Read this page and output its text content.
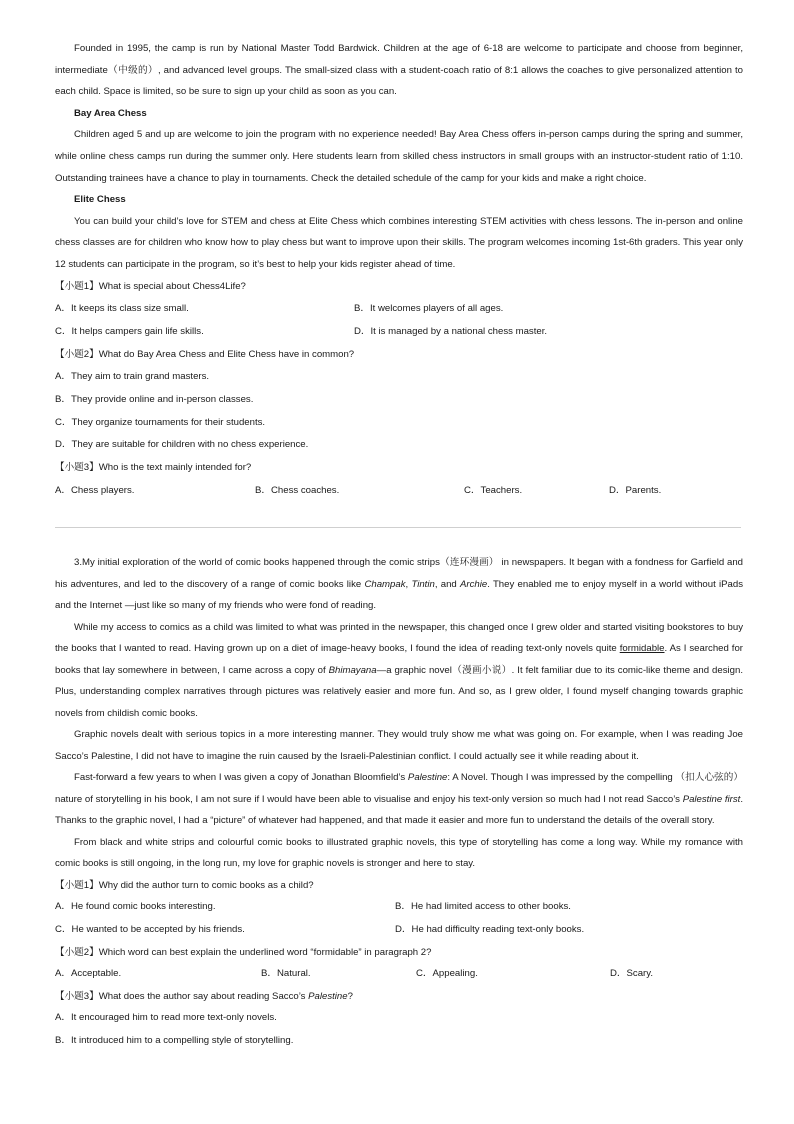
Founded in 1995, the camp is run by National Master Todd Bardwick. Children at the age of 6-18 are welcome to participate and choose from beginner, intermediate（中级的）, and advanced level groups. The small-sized class with a student-coach ratio of 8:1 allows the coaches to give personalized attention to each child. Space is limited, so be sure to sign up your child as soon as you can.

Bay Area Chess

Children aged 5 and up are welcome to join the program with no experience needed! Bay Area Chess offers in-person camps during the spring and summer, while online chess camps run during the summer only. Here students learn from skilled chess instructors in small groups with an instructor-student ratio of 1:10. Outstanding trainees have a chance to play in tournaments. Check the detailed schedule of the camp for your kids and make a right choice.

Elite Chess

You can build your child’s love for STEM and chess at Elite Chess which combines interesting STEM activities with chess lessons. The in-person and online chess classes are for children who know how to play chess but want to improve upon their skills. The program welcomes incoming 1st-6th graders. This year only 12 students can participate in the program, so it’s best to help your kids register ahead of time.

【小题1】What is special about Chess4Life?

A．It keeps its class size small.	B．It welcomes players of all ages.
C．It helps campers gain life skills.	D．It is managed by a national chess master.

【小题2】What do Bay Area Chess and Elite Chess have in common?

A．They aim to train grand masters.
B．They provide online and in-person classes.
C．They organize tournaments for their students.
D．They are suitable for children with no chess experience.

【小题3】Who is the text mainly intended for?

A．Chess players.	B．Chess coaches.	C．Teachers.	D．Parents.

3.My initial exploration of the world of comic books happened through the comic strips（连环漫画） in newspapers. It began with a fondness for Garfield and his adventures, and led to the discovery of a range of comic books like Champak, Tintin, and Archie. They enabled me to enjoy myself in a world without iPads and the Internet —just like so many of my friends who were fond of reading.

While my access to comics as a child was limited to what was printed in the newspaper, this changed once I grew older and started visiting bookstores to buy the books that I wanted to read. Having grown up on a diet of image-heavy books, I found the idea of reading text-only novels quite formidable. As I searched for books that lay somewhere in between, I came across a copy of Bhimayana—a graphic novel（漫画小说）. It felt familiar due to its comic-like theme and design. Plus, understanding complex narratives through pictures was relatively easier and more fun. And so, as I grew older, I found myself changing towards graphic novels from childish comic books.

Graphic novels dealt with serious topics in a more interesting manner. They would truly show me what was going on. For example, when I was reading Joe Sacco’s Palestine, I did not have to imagine the ruin caused by the Israeli-Palestinian conflict. I could actually see it while reading about it.

Fast-forward a few years to when I was given a copy of Jonathan Bloomfield’s Palestine: A Novel. Though I was impressed by the compelling （扣人心弦的） nature of storytelling in his book, I am not sure if I would have been able to visualise and enjoy his text-only version so much had I not read Sacco’s Palestine first. Thanks to the graphic novel, I had a “picture” of whatever had happened, and that made it easier and more fun to understand the details of the overall story.

From black and white strips and colourful comic books to illustrated graphic novels, this type of storytelling has come a long way. While my romance with comic books is still ongoing, in the long run, my love for graphic novels is stronger and here to stay.

【小题1】Why did the author turn to comic books as a child?

A．He found comic books interesting.	B．He had limited access to other books.
C．He wanted to be accepted by his friends.	D．He had difficulty reading text-only books.

【小题2】Which word can best explain the underlined word “formidable” in paragraph 2?

A．Acceptable.	B．Natural.	C．Appealing.	D．Scary.

【小题3】What does the author say about reading Sacco’s Palestine?

A．It encouraged him to read more text-only novels.
B．It introduced him to a compelling style of storytelling.
